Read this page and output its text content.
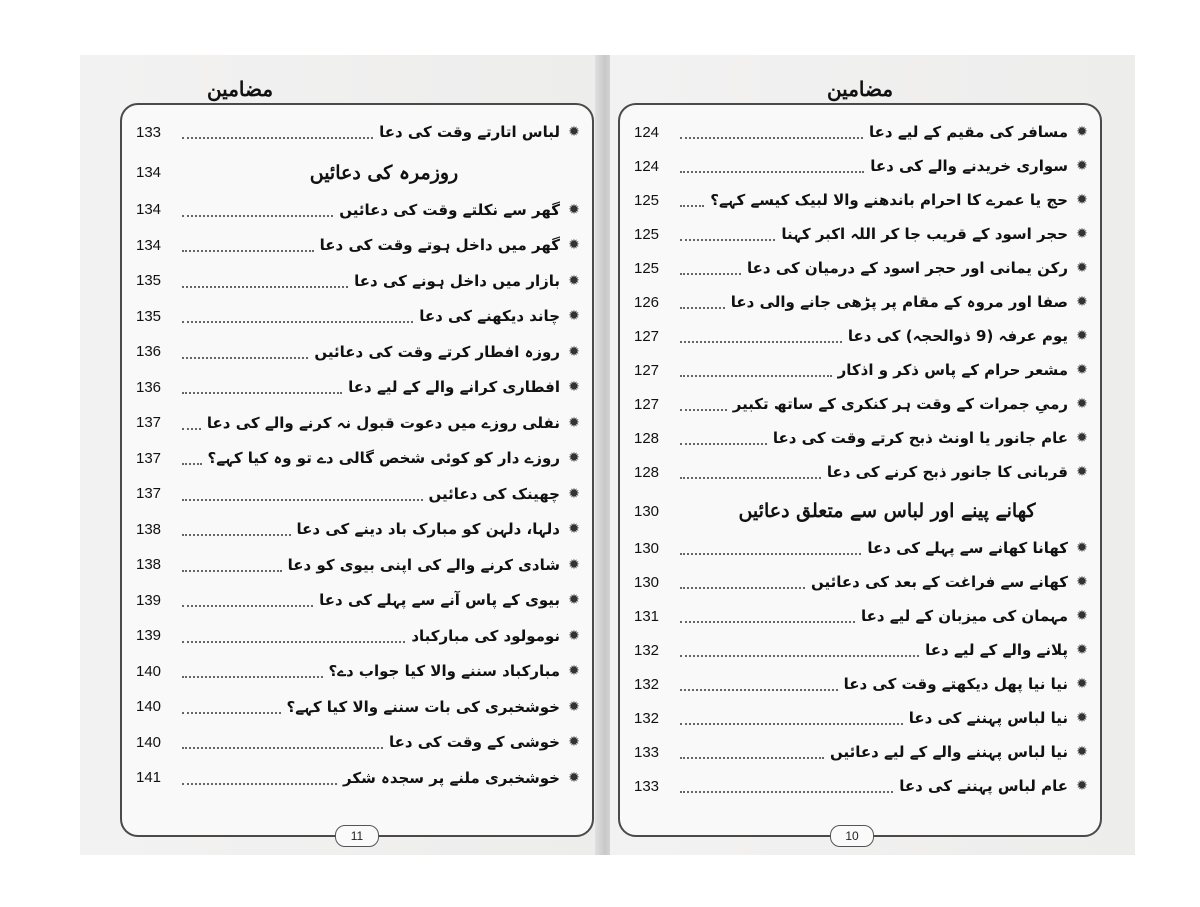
مضامین
✹
لباس اتارتے وقت کی دعا
133
روزمرہ کی دعائیں
134
✹
گھر سے نکلتے وقت کی دعائیں
134
✹
گھر میں داخل ہوتے وقت کی دعا
134
✹
بازار میں داخل ہونے کی دعا
135
✹
چاند دیکھنے کی دعا
135
✹
روزہ افطار کرتے وقت کی دعائیں
136
✹
افطاری کرانے والے کے لیے دعا
136
✹
نفلی روزے میں دعوت قبول نہ کرنے والے کی دعا
137
✹
روزے دار کو کوئی شخص گالی دے تو وہ کیا کہے؟
137
✹
چھینک کی دعائیں
137
✹
دلہا، دلہن کو مبارک باد دینے کی دعا
138
✹
شادی کرنے والے کی اپنی بیوی کو دعا
138
✹
بیوی کے پاس آنے سے پہلے کی دعا
139
✹
نومولود کی مبارکباد
139
✹
مبارکباد سننے والا کیا جواب دے؟
140
✹
خوشخبری کی بات سننے والا کیا کہے؟
140
✹
خوشی کے وقت کی دعا
140
✹
خوشخبری ملنے پر سجدہ شکر
141
11
مضامین
✹
مسافر کی مقیم کے لیے دعا
124
✹
سواری خریدنے والے کی دعا
124
✹
حج یا عمرے کا احرام باندھنے والا لبیک کیسے کہے؟
125
✹
حجر اسود کے قریب جا کر اللہ اکبر کہنا
125
✹
رکن یمانی اور حجر اسود کے درمیان کی دعا
125
✹
صفا اور مروہ کے مقام پر پڑھی جانے والی دعا
126
✹
یوم عرفہ (9 ذوالحجہ) کی دعا
127
✹
مشعر حرام کے پاس ذکر و اذکار
127
✹
رمیِ جمرات کے وقت ہر کنکری کے ساتھ تکبیر
127
✹
عام جانور یا اونٹ ذبح کرتے وقت کی دعا
128
✹
قربانی کا جانور ذبح کرنے کی دعا
128
کھانے پینے اور لباس سے متعلق دعائیں
130
✹
کھانا کھانے سے پہلے کی دعا
130
✹
کھانے سے فراغت کے بعد کی دعائیں
130
✹
مہمان کی میزبان کے لیے دعا
131
✹
پلانے والے کے لیے دعا
132
✹
نیا نیا پھل دیکھتے وقت کی دعا
132
✹
نیا لباس پہننے کی دعا
132
✹
نیا لباس پہننے والے کے لیے دعائیں
133
✹
عام لباس پہننے کی دعا
133
10
